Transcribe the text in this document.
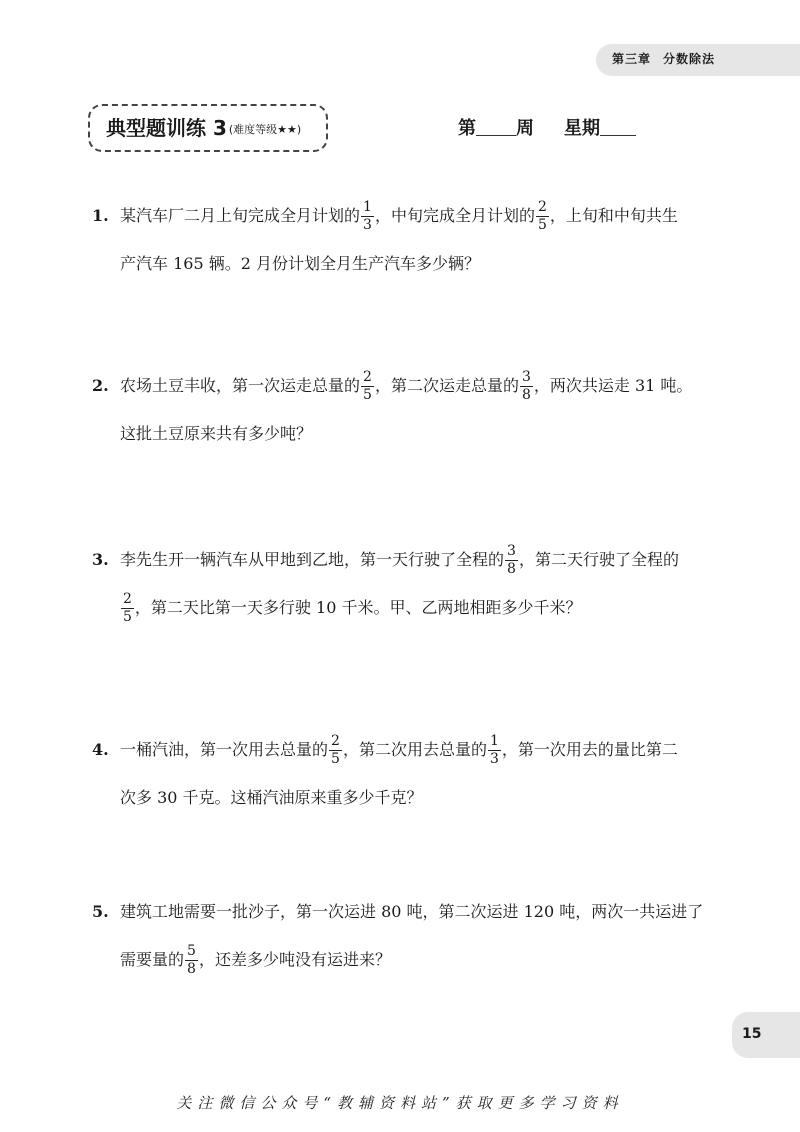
第三章 分数除法
典型题训练 3 (难度等级★★)	第 周 星期
1. 某汽车厂二月上旬完成全月计划的 $\frac{1}{3}$ ，中旬完成全月计划的 $\frac{2}{5}$ ，上旬和中旬共生
产汽车 165 辆。2 月份计划全月生产汽车多少辆？
2. 农场土豆丰收，第一次运走总量的 $\frac{2}{5}$ ，第二次运走总量的 $\frac{3}{8}$ ，两次共运走 31 吨。
这批土豆原来共有多少吨？
3. 李先生开一辆汽车从甲地到乙地，第一天行驶了全程的 $\frac{3}{8}$ ，第二天行驶了全程的
$\frac{2}{5}$ ，第二天比第一天多行驶 10 千米。甲、乙两地相距多少千米？
4. 一桶汽油，第一次用去总量的 $\frac{2}{5}$ ，第二次用去总量的 $\frac{1}{3}$ ，第一次用去的量比第二
次多 30 千克。这桶汽油原来重多少千克？
5. 建筑工地需要一批沙子，第一次运进 80 吨，第二次运进 120 吨，两次一共运进了
需要量的 $\frac{5}{8}$ ，还差多少吨没有运进来？
15
关注微信公众号“教辅资料站”获取更多学习资料
